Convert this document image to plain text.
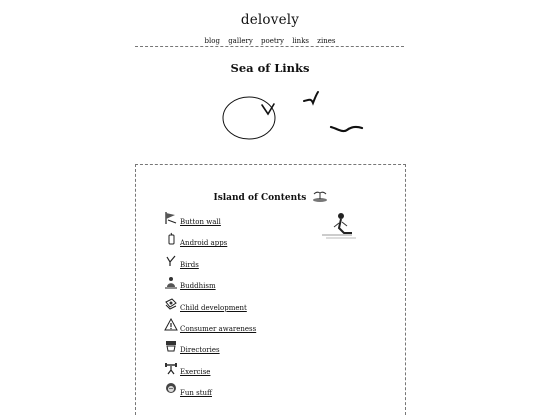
delovely
blog gallery poetry links zines
Sea of Links
Island of Contents
Button wall
Android apps
Birds
Buddhism
Child development
Consumer awareness
Directories
Exercise
Fun stuff
